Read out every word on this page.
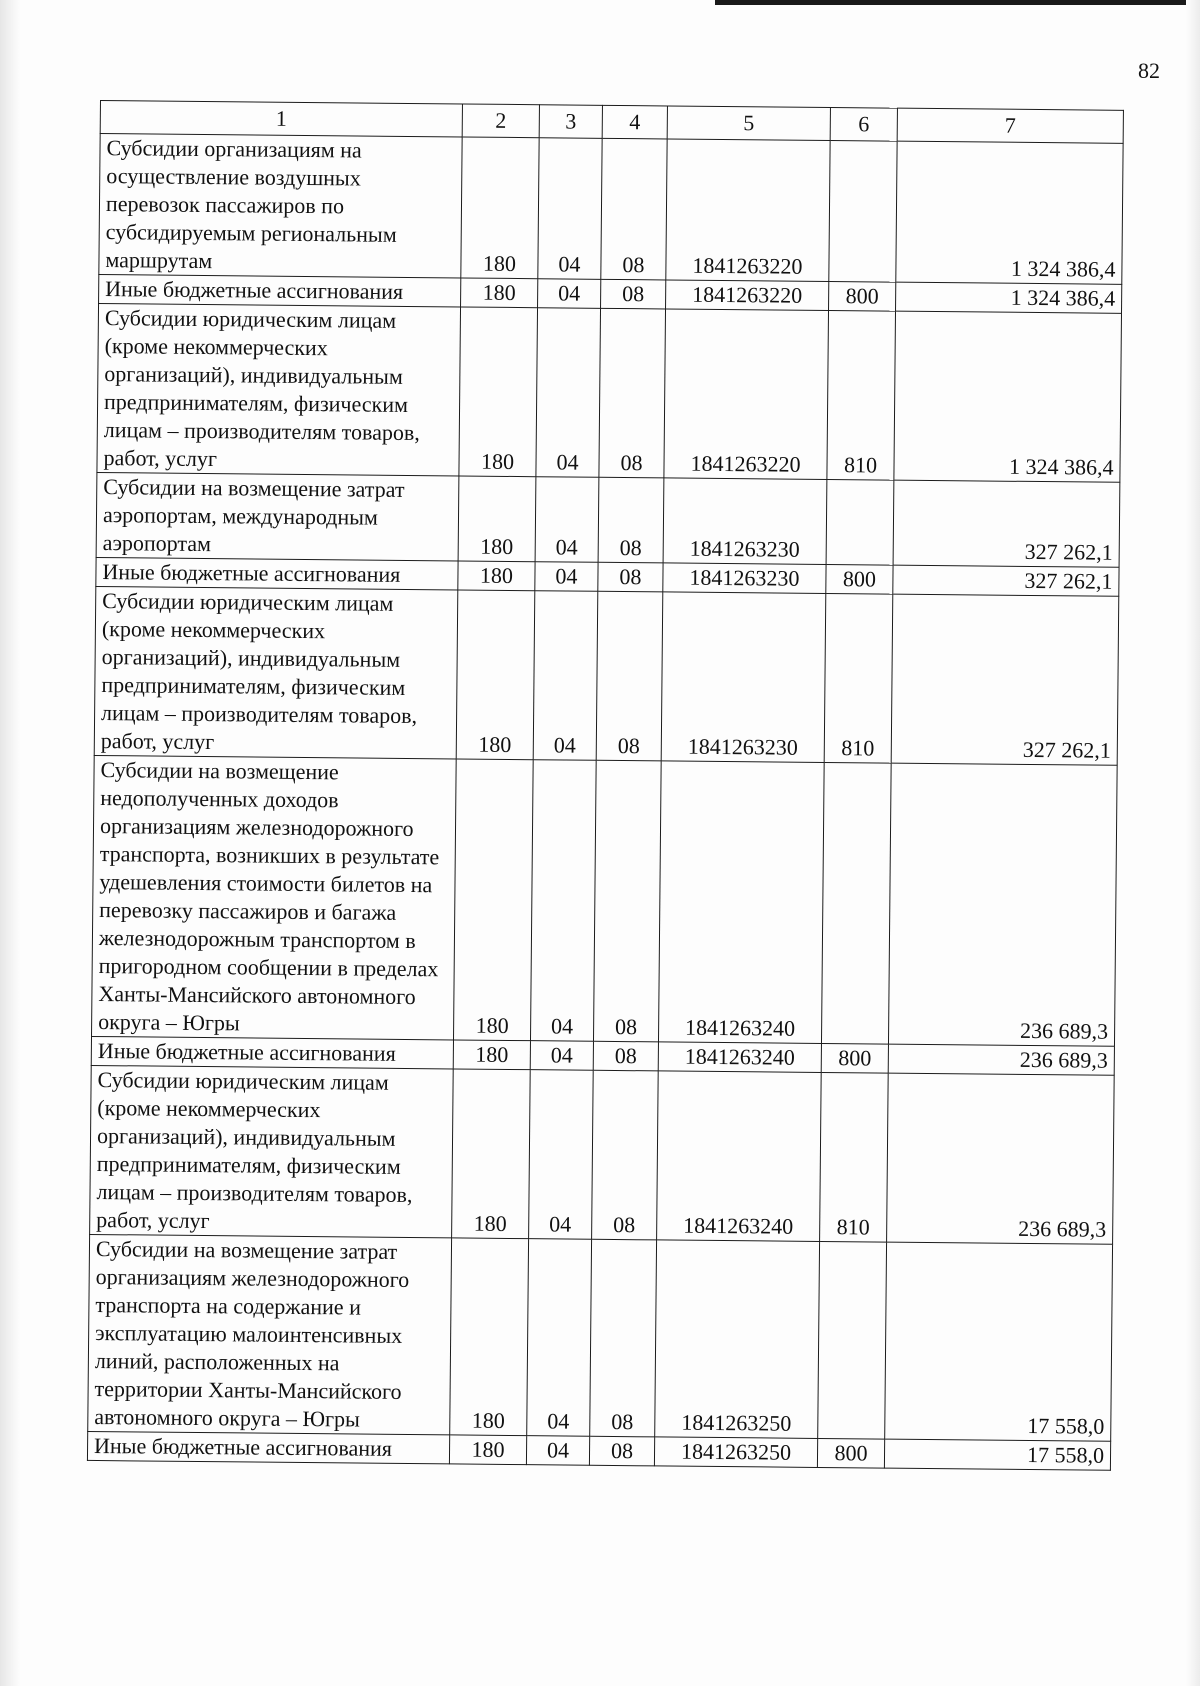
82
1	2	3	4	5	6	7
Субсидии организациям на осуществление воздушных перевозок пассажиров по субсидируемым региональным маршрутам	180	04	08	1841263220		1 324 386,4
Иные бюджетные ассигнования	180	04	08	1841263220	800	1 324 386,4
Субсидии юридическим лицам (кроме некоммерческих организаций), индивидуальным предпринимателям, физическим лицам – производителям товаров, работ, услуг	180	04	08	1841263220	810	1 324 386,4
Субсидии на возмещение затрат аэропортам, международным аэропортам	180	04	08	1841263230		327 262,1
Иные бюджетные ассигнования	180	04	08	1841263230	800	327 262,1
Субсидии юридическим лицам (кроме некоммерческих организаций), индивидуальным предпринимателям, физическим лицам – производителям товаров, работ, услуг	180	04	08	1841263230	810	327 262,1
Субсидии на возмещение недополученных доходов организациям железнодорожного транспорта, возникших в результате удешевления стоимости билетов на перевозку пассажиров и багажа железнодорожным транспортом в пригородном сообщении в пределах Ханты-Мансийского автономного округа – Югры	180	04	08	1841263240		236 689,3
Иные бюджетные ассигнования	180	04	08	1841263240	800	236 689,3
Субсидии юридическим лицам (кроме некоммерческих организаций), индивидуальным предпринимателям, физическим лицам – производителям товаров, работ, услуг	180	04	08	1841263240	810	236 689,3
Субсидии на возмещение затрат организациям железнодорожного транспорта на содержание и эксплуатацию малоинтенсивных линий, расположенных на территории Ханты-Мансийского автономного округа – Югры	180	04	08	1841263250		17 558,0
Иные бюджетные ассигнования	180	04	08	1841263250	800	17 558,0
